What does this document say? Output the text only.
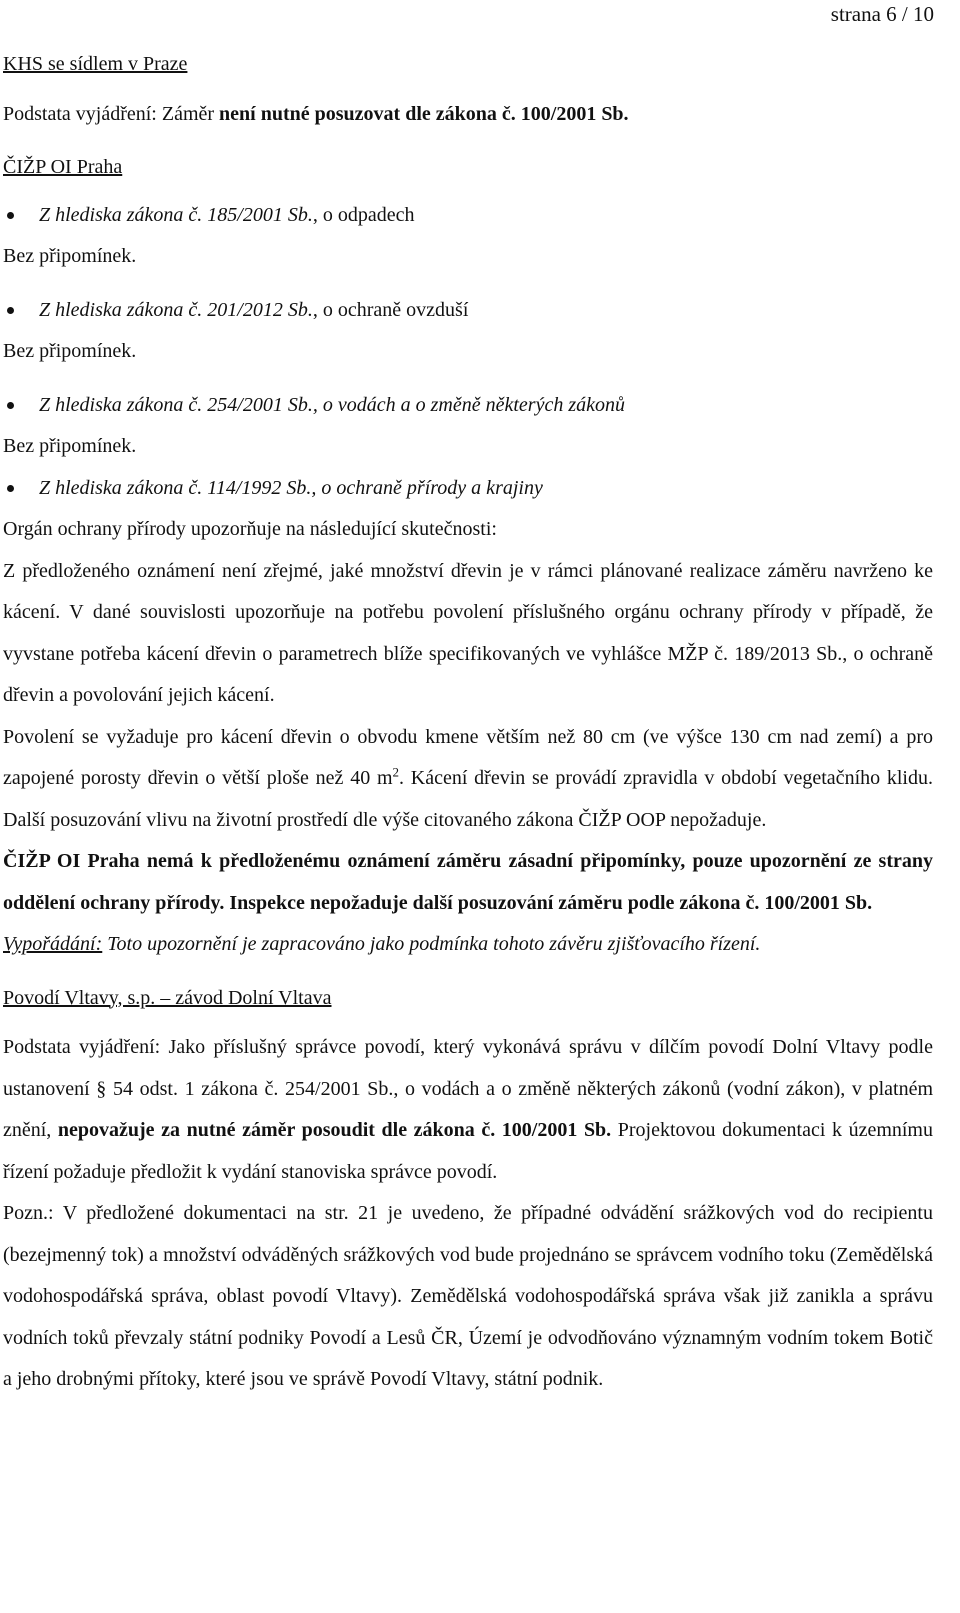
strana 6 / 10

KHS se sídlem v Praze

Podstata vyjádření: Záměr není nutné posuzovat dle zákona č. 100/2001 Sb.

ČIŽP OI Praha

Z hlediska zákona č. 185/2001 Sb., o odpadech

Bez připomínek.

Z hlediska zákona č. 201/2012 Sb., o ochraně ovzduší

Bez připomínek.

Z hlediska zákona č. 254/2001 Sb., o vodách a o změně některých zákonů

Bez připomínek.

Z hlediska zákona č. 114/1992 Sb., o ochraně přírody a krajiny

Orgán ochrany přírody upozorňuje na následující skutečnosti:

Z předloženého oznámení není zřejmé, jaké množství dřevin je v rámci plánované realizace záměru navrženo ke kácení. V dané souvislosti upozorňuje na potřebu povolení příslušného orgánu ochrany přírody v případě, že vyvstane potřeba kácení dřevin o parametrech blíže specifikovaných ve vyhlášce MŽP č. 189/2013 Sb., o ochraně dřevin a povolování jejich kácení.

Povolení se vyžaduje pro kácení dřevin o obvodu kmene větším než 80 cm (ve výšce 130 cm nad zemí) a pro zapojené porosty dřevin o větší ploše než 40 $m^2$. Kácení dřevin se provádí zpravidla v období vegetačního klidu. Další posuzování vlivu na životní prostředí dle výše citovaného zákona ČIŽP OOP nepožaduje.

ČIŽP OI Praha nemá k předloženému oznámení záměru zásadní připomínky, pouze upozornění ze strany oddělení ochrany přírody. Inspekce nepožaduje další posuzování záměru podle zákona č. 100/2001 Sb.

Vypořádání: Toto upozornění je zapracováno jako podmínka tohoto závěru zjišťovacího řízení.

Povodí Vltavy, s.p. – závod Dolní Vltava

Podstata vyjádření: Jako příslušný správce povodí, který vykonává správu v dílčím povodí Dolní Vltavy podle ustanovení § 54 odst. 1 zákona č. 254/2001 Sb., o vodách a o změně některých zákonů (vodní zákon), v platném znění, nepovažuje za nutné záměr posoudit dle zákona č. 100/2001 Sb. Projektovou dokumentaci k územnímu řízení požaduje předložit k vydání stanoviska správce povodí.

Pozn.: V předložené dokumentaci na str. 21 je uvedeno, že případné odvádění srážkových vod do recipientu (bezejmenný tok) a množství odváděných srážkových vod bude projednáno se správcem vodního toku (Zemědělská vodohospodářská správa, oblast povodí Vltavy). Zemědělská vodohospodářská správa však již zanikla a správu vodních toků převzaly státní podniky Povodí a Lesů ČR, Území je odvodňováno významným vodním tokem Botič a jeho drobnými přítoky, které jsou ve správě Povodí Vltavy, státní podnik.
